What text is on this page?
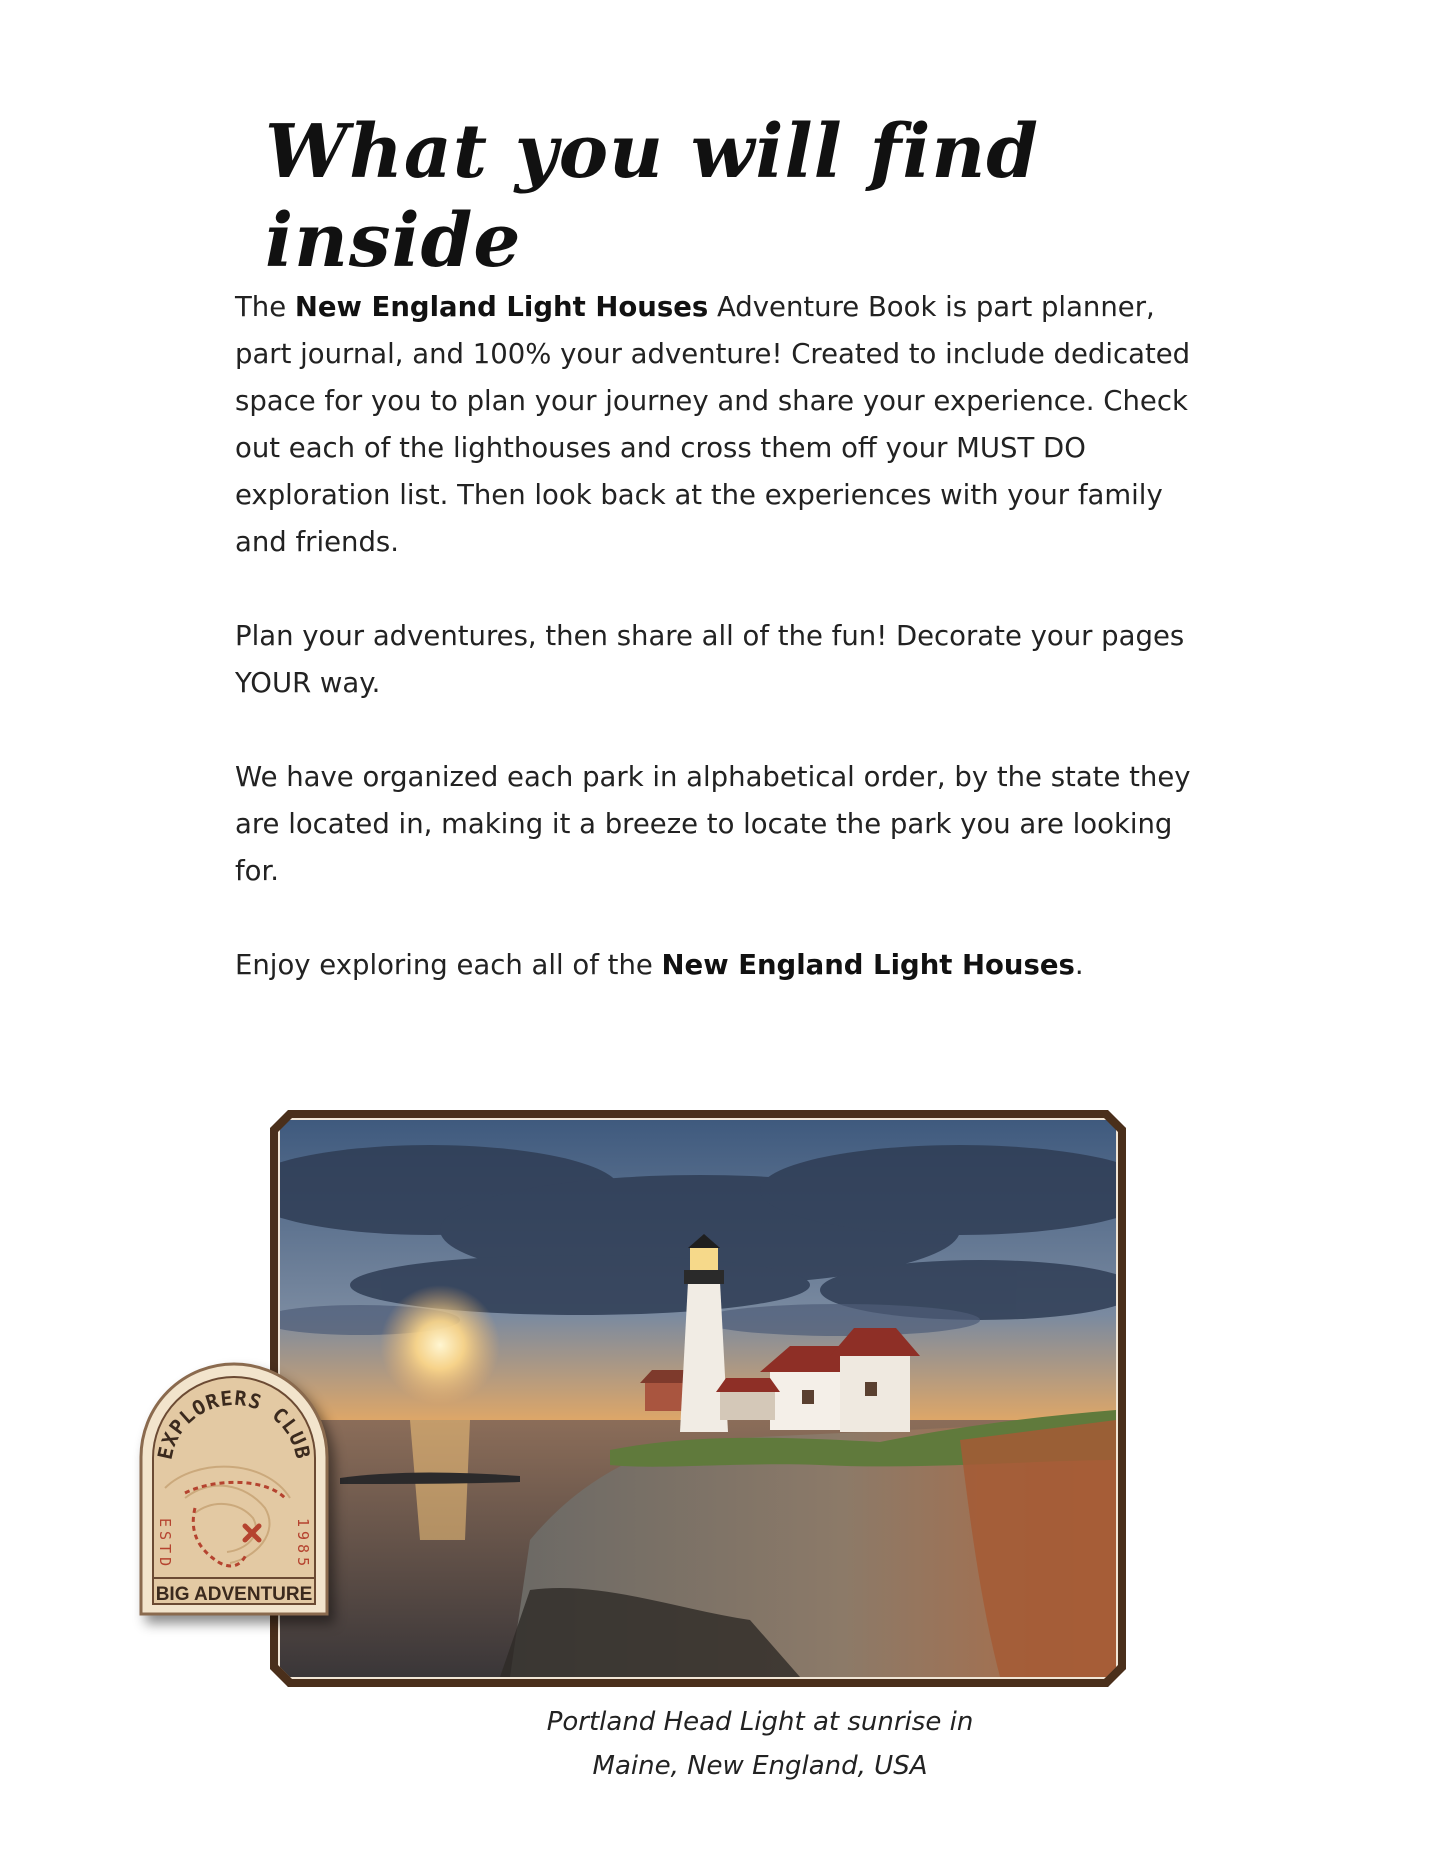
What you will find inside

The New England Light Houses Adventure Book is part planner, part journal, and 100% your adventure! Created to include dedicated space for you to plan your journey and share your experience. Check out each of the lighthouses and cross them off your MUST DO exploration list. Then look back at the experiences with your family and friends.

Plan your adventures, then share all of the fun! Decorate your pages YOUR way.

We have organized each park in alphabetical order, by the state they are located in, making it a breeze to locate the park you are looking for.

Enjoy exploring each all of the New England Light Houses.

EXPLORERS CLUB
ESTD	1985
BIG ADVENTURE
Portland Head Light at sunrise in
Maine, New England, USA
